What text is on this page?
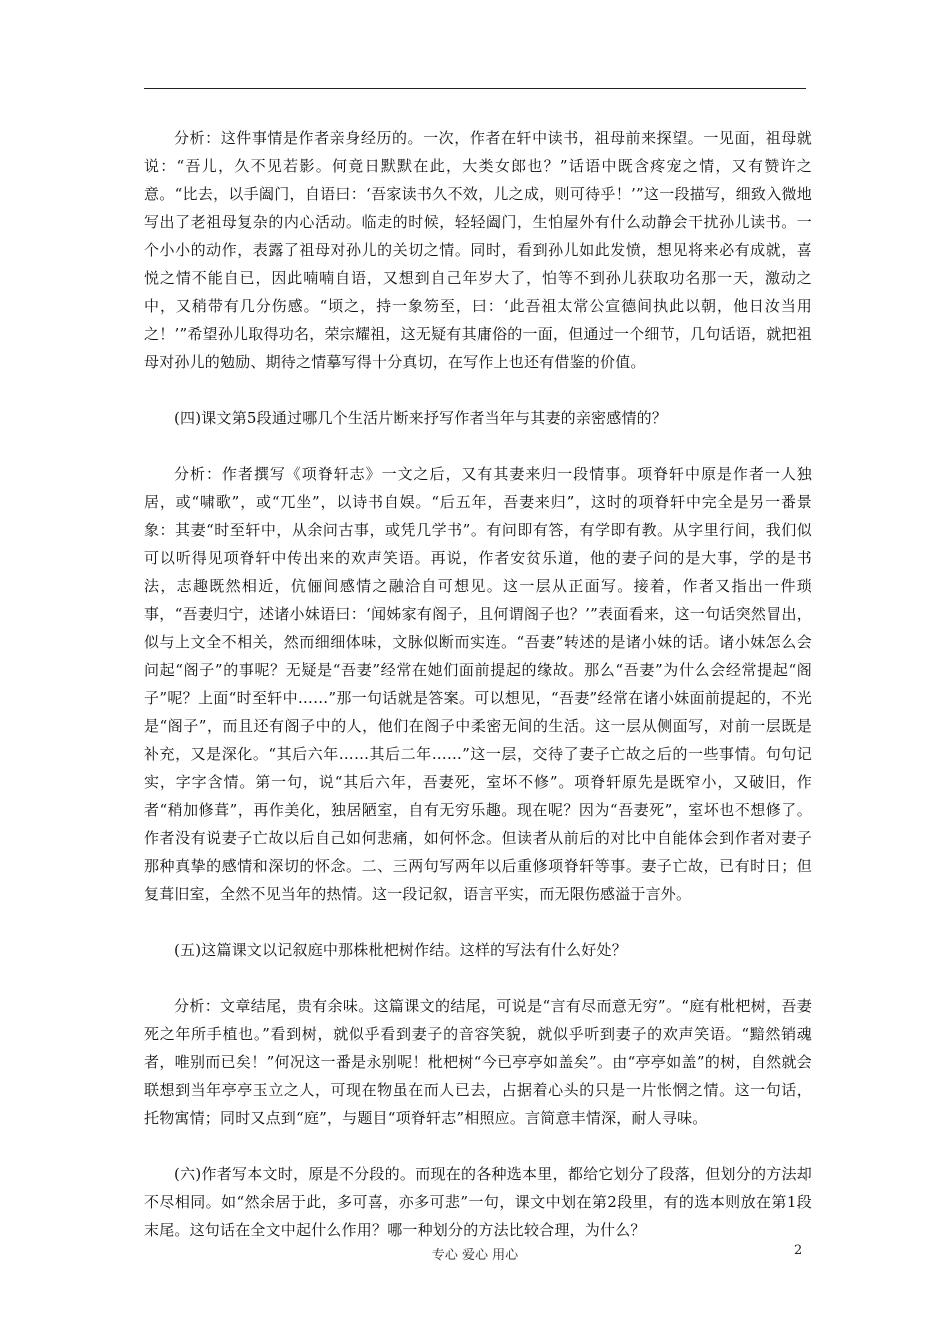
分析：这件事情是作者亲身经历的。一次，作者在轩中读书，祖母前来探望。一见面，祖母就说：“吾儿，久不见若影。何竟日默默在此，大类女郎也？”话语中既含疼宠之情，又有赞许之意。“比去，以手阖门，自语曰：‘吾家读书久不效，儿之成，则可待乎！’”这一段描写，细致入微地写出了老祖母复杂的内心活动。临走的时候，轻轻阖门，生怕屋外有什么动静会干扰孙儿读书。一个小小的动作，表露了祖母对孙儿的关切之情。同时，看到孙儿如此发愤，想见将来必有成就，喜悦之情不能自已，因此喃喃自语，又想到自己年岁大了，怕等不到孙儿获取功名那一天，激动之中，又稍带有几分伤感。“顷之，持一象笏至，曰：‘此吾祖太常公宣德间执此以朝，他日汝当用之！’”希望孙儿取得功名，荣宗耀祖，这无疑有其庸俗的一面，但通过一个细节，几句话语，就把祖母对孙儿的勉励、期待之情摹写得十分真切，在写作上也还有借鉴的价值。

(四)课文第5段通过哪几个生活片断来抒写作者当年与其妻的亲密感情的？

分析：作者撰写《项脊轩志》一文之后，又有其妻来归一段情事。项脊轩中原是作者一人独居，或“啸歌”，或“兀坐”，以诗书自娱。“后五年，吾妻来归”，这时的项脊轩中完全是另一番景象：其妻“时至轩中，从余问古事，或凭几学书”。有问即有答，有学即有教。从字里行间，我们似可以听得见项脊轩中传出来的欢声笑语。再说，作者安贫乐道，他的妻子问的是大事，学的是书法，志趣既然相近，伉俪间感情之融洽自可想见。这一层从正面写。接着，作者又指出一件琐事，“吾妻归宁，述诸小妹语曰：‘闻姊家有阁子，且何谓阁子也？’”表面看来，这一句话突然冒出，似与上文全不相关，然而细细体味，文脉似断而实连。“吾妻”转述的是诸小妹的话。诸小妹怎么会问起“阁子”的事呢？无疑是“吾妻”经常在她们面前提起的缘故。那么“吾妻”为什么会经常提起“阁子”呢？上面“时至轩中……”那一句话就是答案。可以想见，“吾妻”经常在诸小妹面前提起的，不光是“阁子”，而且还有阁子中的人，他们在阁子中柔密无间的生活。这一层从侧面写，对前一层既是补充，又是深化。“其后六年……其后二年……”这一层，交待了妻子亡故之后的一些事情。句句记实，字字含情。第一句，说“其后六年，吾妻死，室坏不修”。项脊轩原先是既窄小，又破旧，作者“稍加修葺”，再作美化，独居陋室，自有无穷乐趣。现在呢？因为“吾妻死”，室坏也不想修了。作者没有说妻子亡故以后自己如何悲痛，如何怀念。但读者从前后的对比中自能体会到作者对妻子那种真挚的感情和深切的怀念。二、三两句写两年以后重修项脊轩等事。妻子亡故，已有时日；但复葺旧室，全然不见当年的热情。这一段记叙，语言平实，而无限伤感溢于言外。

(五)这篇课文以记叙庭中那株枇杷树作结。这样的写法有什么好处？

分析：文章结尾，贵有余味。这篇课文的结尾，可说是“言有尽而意无穷”。“庭有枇杷树，吾妻死之年所手植也。”看到树，就似乎看到妻子的音容笑貌，就似乎听到妻子的欢声笑语。“黯然销魂者，唯别而已矣！”何况这一番是永别呢！枇杷树“今已亭亭如盖矣”。由“亭亭如盖”的树，自然就会联想到当年亭亭玉立之人，可现在物虽在而人已去，占据着心头的只是一片怅惘之情。这一句话，托物寓情；同时又点到“庭”，与题目“项脊轩志”相照应。言简意丰情深，耐人寻味。

(六)作者写本文时，原是不分段的。而现在的各种选本里，都给它划分了段落，但划分的方法却不尽相同。如“然余居于此，多可喜，亦多可悲”一句，课文中划在第2段里，有的选本则放在第1段末尾。这句话在全文中起什么作用？哪一种划分的方法比较合理，为什么？

专心 爱心 用心	2
